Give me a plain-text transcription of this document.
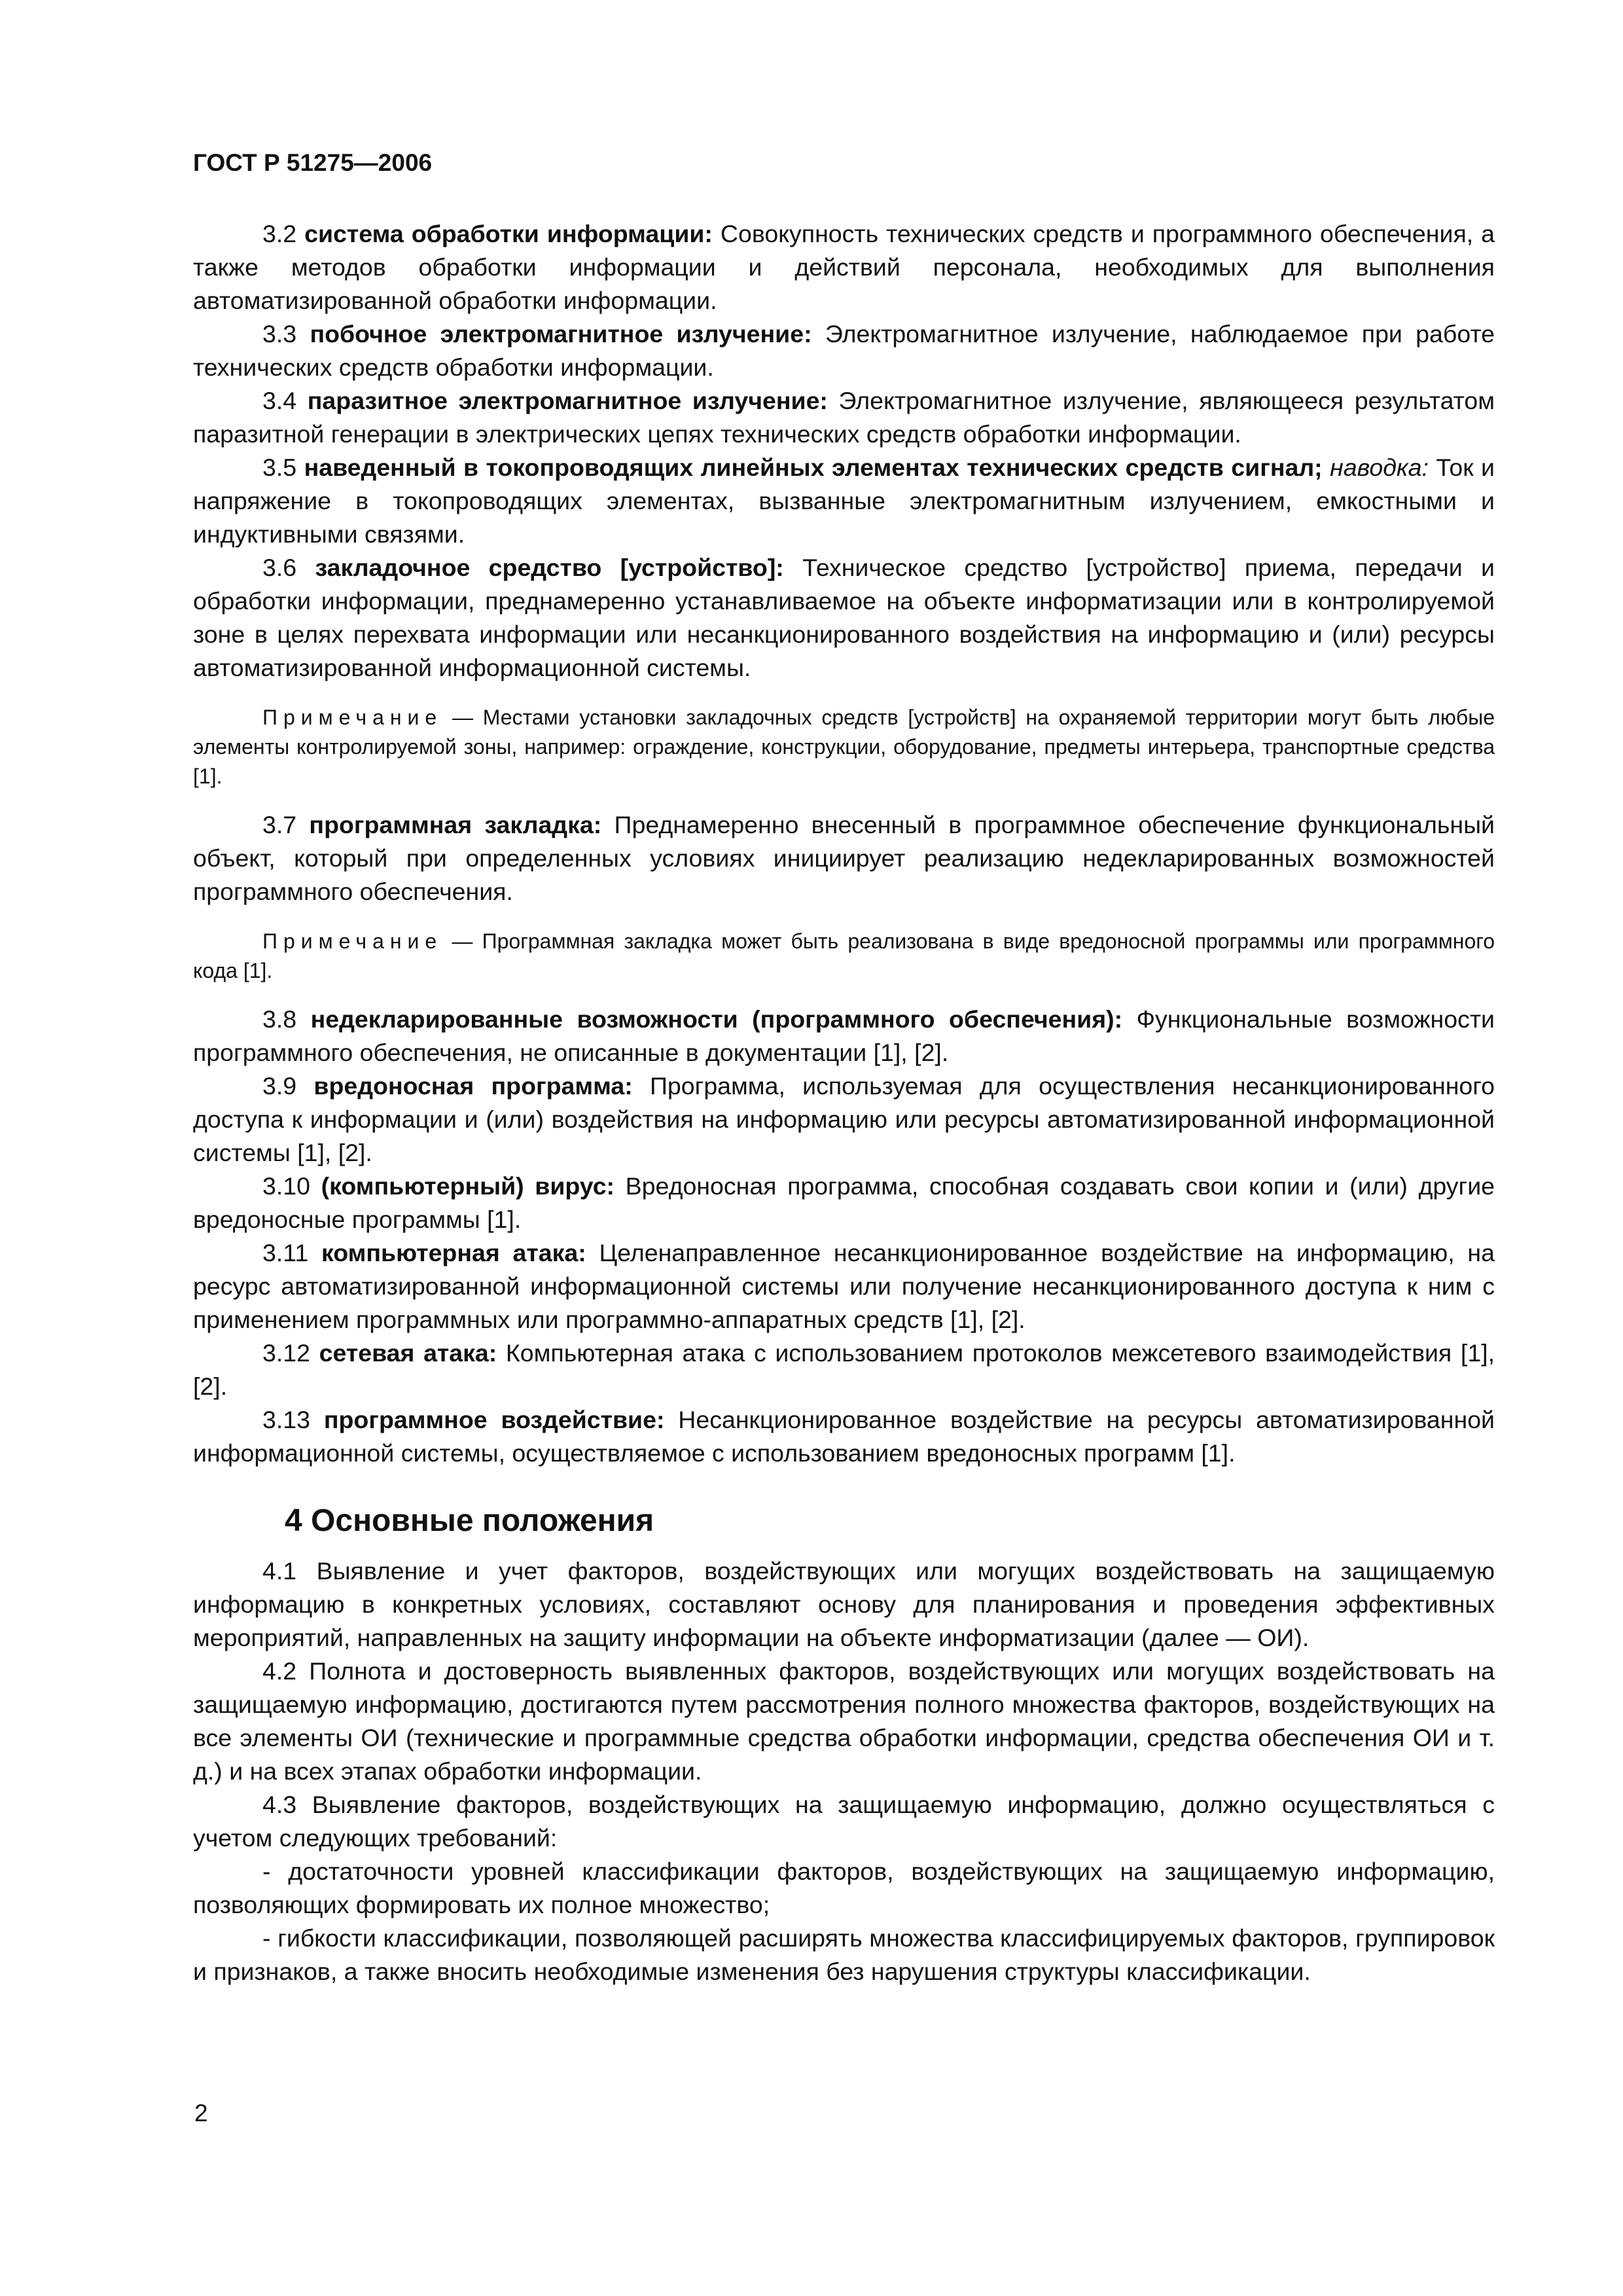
ГОСТ Р 51275—2006

3.2 система обработки информации: Совокупность технических средств и программного обеспечения, а также методов обработки информации и действий персонала, необходимых для выполнения автоматизированной обработки информации.

3.3 побочное электромагнитное излучение: Электромагнитное излучение, наблюдаемое при работе технических средств обработки информации.

3.4 паразитное электромагнитное излучение: Электромагнитное излучение, являющееся результатом паразитной генерации в электрических цепях технических средств обработки информации.

3.5 наведенный в токопроводящих линейных элементах технических средств сигнал; наводка: Ток и напряжение в токопроводящих элементах, вызванные электромагнитным излучением, емкостными и индуктивными связями.

3.6 закладочное средство [устройство]: Техническое средство [устройство] приема, передачи и обработки информации, преднамеренно устанавливаемое на объекте информатизации или в контролируемой зоне в целях перехвата информации или несанкционированного воздействия на информацию и (или) ресурсы автоматизированной информационной системы.

Примечание — Местами установки закладочных средств [устройств] на охраняемой территории могут быть любые элементы контролируемой зоны, например: ограждение, конструкции, оборудование, предметы интерьера, транспортные средства [1].

3.7 программная закладка: Преднамеренно внесенный в программное обеспечение функциональный объект, который при определенных условиях инициирует реализацию недекларированных возможностей программного обеспечения.

Примечание — Программная закладка может быть реализована в виде вредоносной программы или программного кода [1].

3.8 недекларированные возможности (программного обеспечения): Функциональные возможности программного обеспечения, не описанные в документации [1], [2].

3.9 вредоносная программа: Программа, используемая для осуществления несанкционированного доступа к информации и (или) воздействия на информацию или ресурсы автоматизированной информационной системы [1], [2].

3.10 (компьютерный) вирус: Вредоносная программа, способная создавать свои копии и (или) другие вредоносные программы [1].

3.11 компьютерная атака: Целенаправленное несанкционированное воздействие на информацию, на ресурс автоматизированной информационной системы или получение несанкционированного доступа к ним с применением программных или программно-аппаратных средств [1], [2].

3.12 сетевая атака: Компьютерная атака с использованием протоколов межсетевого взаимодействия [1], [2].

3.13 программное воздействие: Несанкционированное воздействие на ресурсы автоматизированной информационной системы, осуществляемое с использованием вредоносных программ [1].

4 Основные положения

4.1 Выявление и учет факторов, воздействующих или могущих воздействовать на защищаемую информацию в конкретных условиях, составляют основу для планирования и проведения эффективных мероприятий, направленных на защиту информации на объекте информатизации (далее — ОИ).

4.2 Полнота и достоверность выявленных факторов, воздействующих или могущих воздействовать на защищаемую информацию, достигаются путем рассмотрения полного множества факторов, воздействующих на все элементы ОИ (технические и программные средства обработки информации, средства обеспечения ОИ и т. д.) и на всех этапах обработки информации.

4.3 Выявление факторов, воздействующих на защищаемую информацию, должно осуществляться с учетом следующих требований:

- достаточности уровней классификации факторов, воздействующих на защищаемую информацию, позволяющих формировать их полное множество;

- гибкости классификации, позволяющей расширять множества классифицируемых факторов, группировок и признаков, а также вносить необходимые изменения без нарушения структуры классификации.

2
